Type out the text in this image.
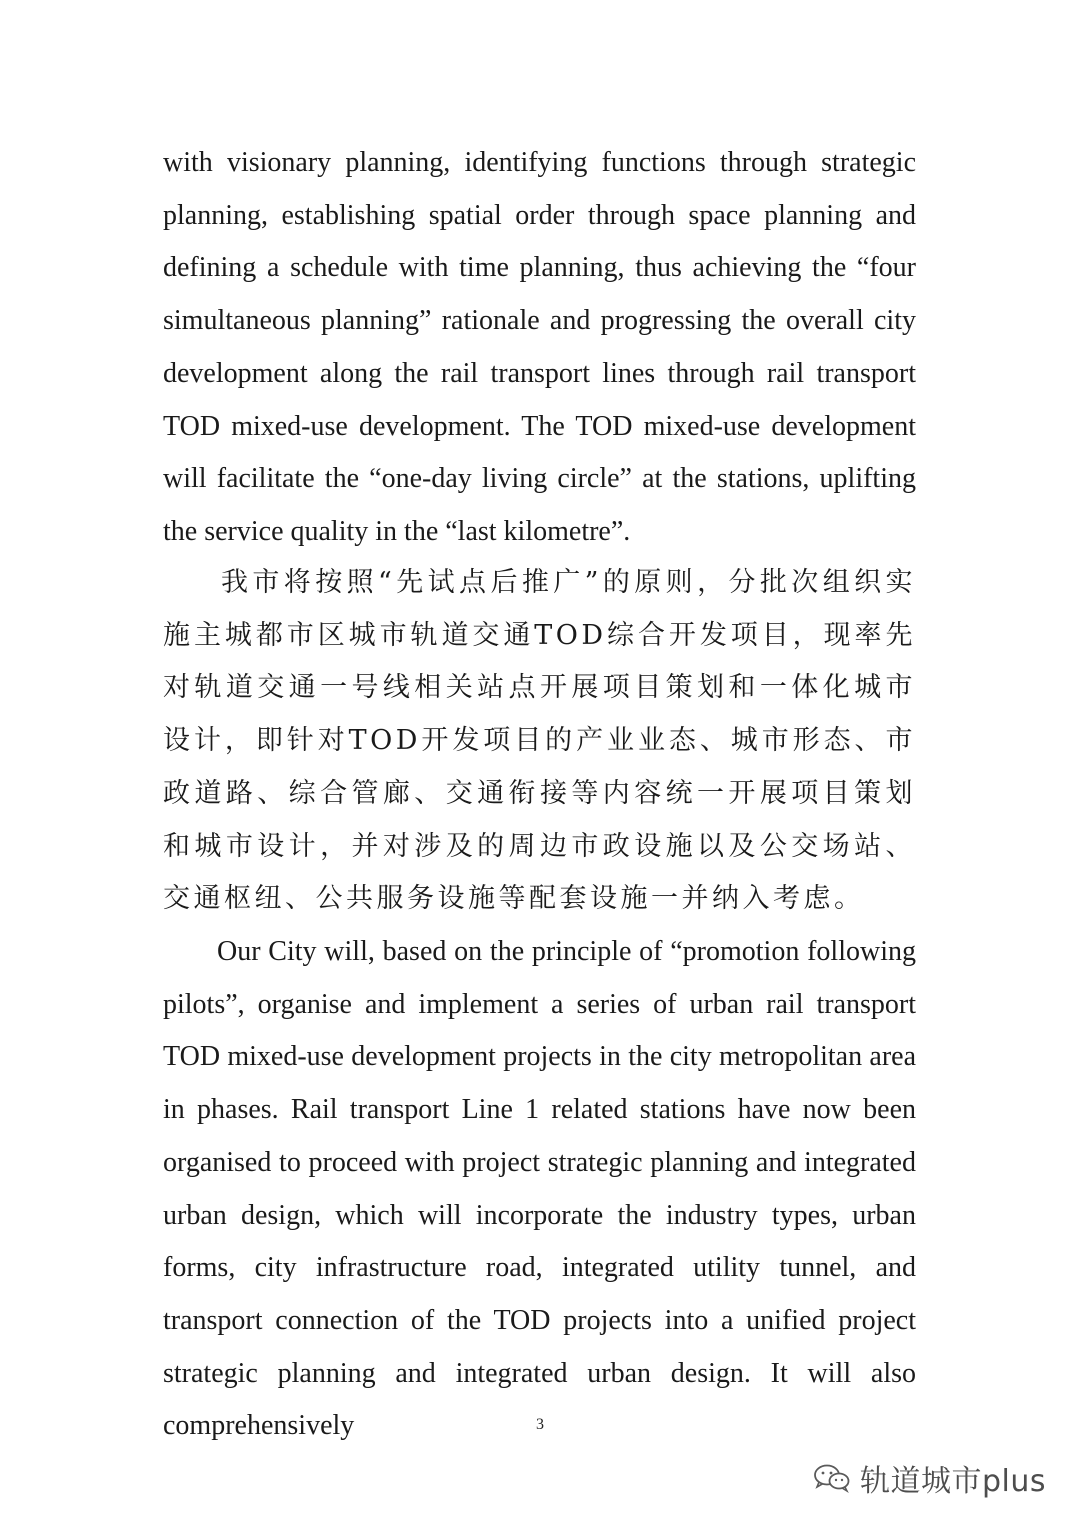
with visionary planning, identifying functions through strategic planning, establishing spatial order through space planning and defining a schedule with time planning, thus achieving the “four simultaneous planning” rationale and progressing the overall city development along the rail transport lines through rail transport TOD mixed-use development. The TOD mixed-use development will facilitate the “one-day living circle” at the stations, uplifting the service quality in the “last kilometre”.

我市将按照“先试点后推广”的原则，分批次组织实施主城都市区城市轨道交通TOD综合开发项目，现率先对轨道交通一号线相关站点开展项目策划和一体化城市设计，即针对TOD开发项目的产业业态、城市形态、市政道路、综合管廊、交通衔接等内容统一开展项目策划和城市设计，并对涉及的周边市政设施以及公交场站、交通枢纽、公共服务设施等配套设施一并纳入考虑。

Our City will, based on the principle of “promotion following pilots”, organise and implement a series of urban rail transport TOD mixed-use development projects in the city metropolitan area in phases. Rail transport Line 1 related stations have now been organised to proceed with project strategic planning and integrated urban design, which will incorporate the industry types, urban forms, city infrastructure road, integrated utility tunnel, and transport connection of the TOD projects into a unified project strategic planning and integrated urban design. It will also comprehensively	3
轨道城市plus
